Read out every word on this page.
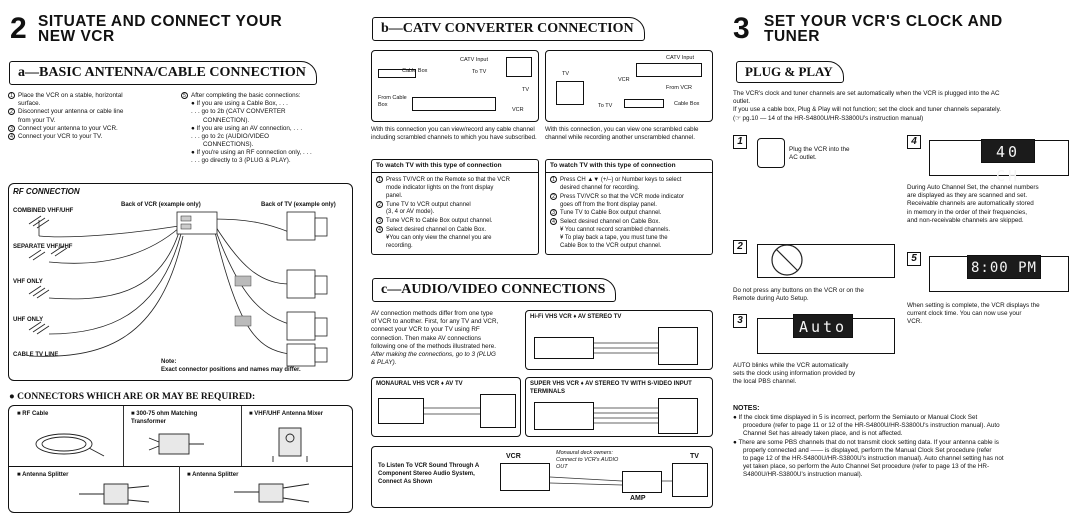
2 SITUATE AND CONNECT YOUR
NEW VCR
a—BASIC ANTENNA/CABLE CONNECTION
1 Place the VCR on a stable, horizontal
surface.
2 Disconnect your antenna or cable line
from your TV.
3 Connect your antenna to your VCR.
4 Connect your VCR to your TV.
5 After completing the basic connections:
● If you are using a Cable Box, . . .
. . . go to 2b (CATV CONVERTER
CONNECTION).
● If you are using an AV connection, . . .
. . . go to 2c (AUDIO/VIDEO
CONNECTIONS).
● If you're using an RF connection only, . . .
. . . go directly to 3 (PLUG & PLAY).
RF CONNECTION
Back of VCR (example only)	Back of TV (example only)
COMBINED VHF/UHF
SEPARATE VHF/UHF
VHF ONLY
UHF ONLY
CABLE TV LINE
Note:
Exact connector positions and names may differ.
● CONNECTORS WHICH ARE OR MAY BE REQUIRED:
■ RF Cable	■ 300-75 ohm Matching Transformer
■ VHF/UHF Antenna Mixer
■ Antenna Splitter	■ Antenna Splitter
b—CATV CONVERTER CONNECTION
Cable Box
CATV Input
To TV
TV
From Cable Box
VCR
CATV Input
VCR
TV
From VCR
To TV	Cable Box
With this connection you can view/record any cable channel including scrambled channels to which you have subscribed.
With this connection, you can view one scrambled cable channel while recording another unscrambled channel.
To watch TV with this type of connection
1 Press TV/VCR on the Remote so that the VCR
mode indicator lights on the front display
panel.
2 Tune TV to VCR output channel
(3, 4 or AV mode).
3 Tune VCR to Cable Box output channel.
4 Select desired channel on Cable Box.
¥You can only view the channel you are
recording.
To watch TV with this type of connection
1 Press CH ▲▼ (+/–) or Number keys to select
desired channel for recording.
2 Press TV/VCR so that the VCR mode indicator
goes off from the front display panel.
3 Tune TV to Cable Box output channel.
4 Select desired channel on Cable Box.
¥ You cannot record scrambled channels.
¥ To play back a tape, you must tune the
Cable Box to the VCR output channel.
c—AUDIO/VIDEO CONNECTIONS
AV connection methods differ from one type
of VCR to another. First, for any TV and VCR,
connect your VCR to your TV using RF
connection. Then make AV connections
following one of the methods illustrated here.
After making the connections, go to 3 (PLUG
& PLAY).
Hi-Fi VHS VCR ♦ AV STEREO TV
MONAURAL VHS VCR ♦ AV TV	SUPER VHS VCR ♦ AV STEREO TV WITH S-VIDEO INPUT TERMINALS
To Listen To VCR Sound Through A
Component Stereo Audio System,
Connect As Shown
VCR	Monaural deck owners:
Connect to VCR's AUDIO
OUT
AMP
TV
3 SET YOUR VCR'S CLOCK AND
TUNER
PLUG & PLAY
The VCR's clock and tuner channels are set automatically when the VCR is plugged into the AC
outlet.
If you use a cable box, Plug & Play will not function; set the clock and tuner channels separately.
(☞ pg.10 — 14 of the HR-S4800U/HR-S3800U's instruction manual)
1
Plug the VCR into the
AC outlet.
4
40 CH
During Auto Channel Set, the channel numbers
are displayed as they are scanned and set.
Receivable channels are automatically stored
in memory in the order of their frequencies,
and non-receivable channels are skipped.
2
Do not press any buttons on the VCR or on the
Remote during Auto Setup.
5
8:00 PM
When setting is complete, the VCR displays the
current clock time. You can now use your
VCR.
3	Auto
AUTO blinks while the VCR automatically
sets the clock using information provided by
the local PBS channel.
NOTES:
● If the clock time displayed in 5 is incorrect, perform the Semiauto or Manual Clock Set
procedure (refer to page 11 or 12 of the HR-S4800U/HR-S3800U's instruction manual). Auto
Channel Set has already taken place, and is not affected.
● There are some PBS channels that do not transmit clock setting data. If your antenna cable is
properly connected and —— is displayed, perform the Manual Clock Set procedure (refer
to page 12 of the HR-S4800U/HR-S3800U's instruction manual). Auto channel setting has not
yet taken place, so perform the Auto Channel Set procedure (refer to page 13 of the HR-
S4800U/HR-S3800U's instruction manual).
